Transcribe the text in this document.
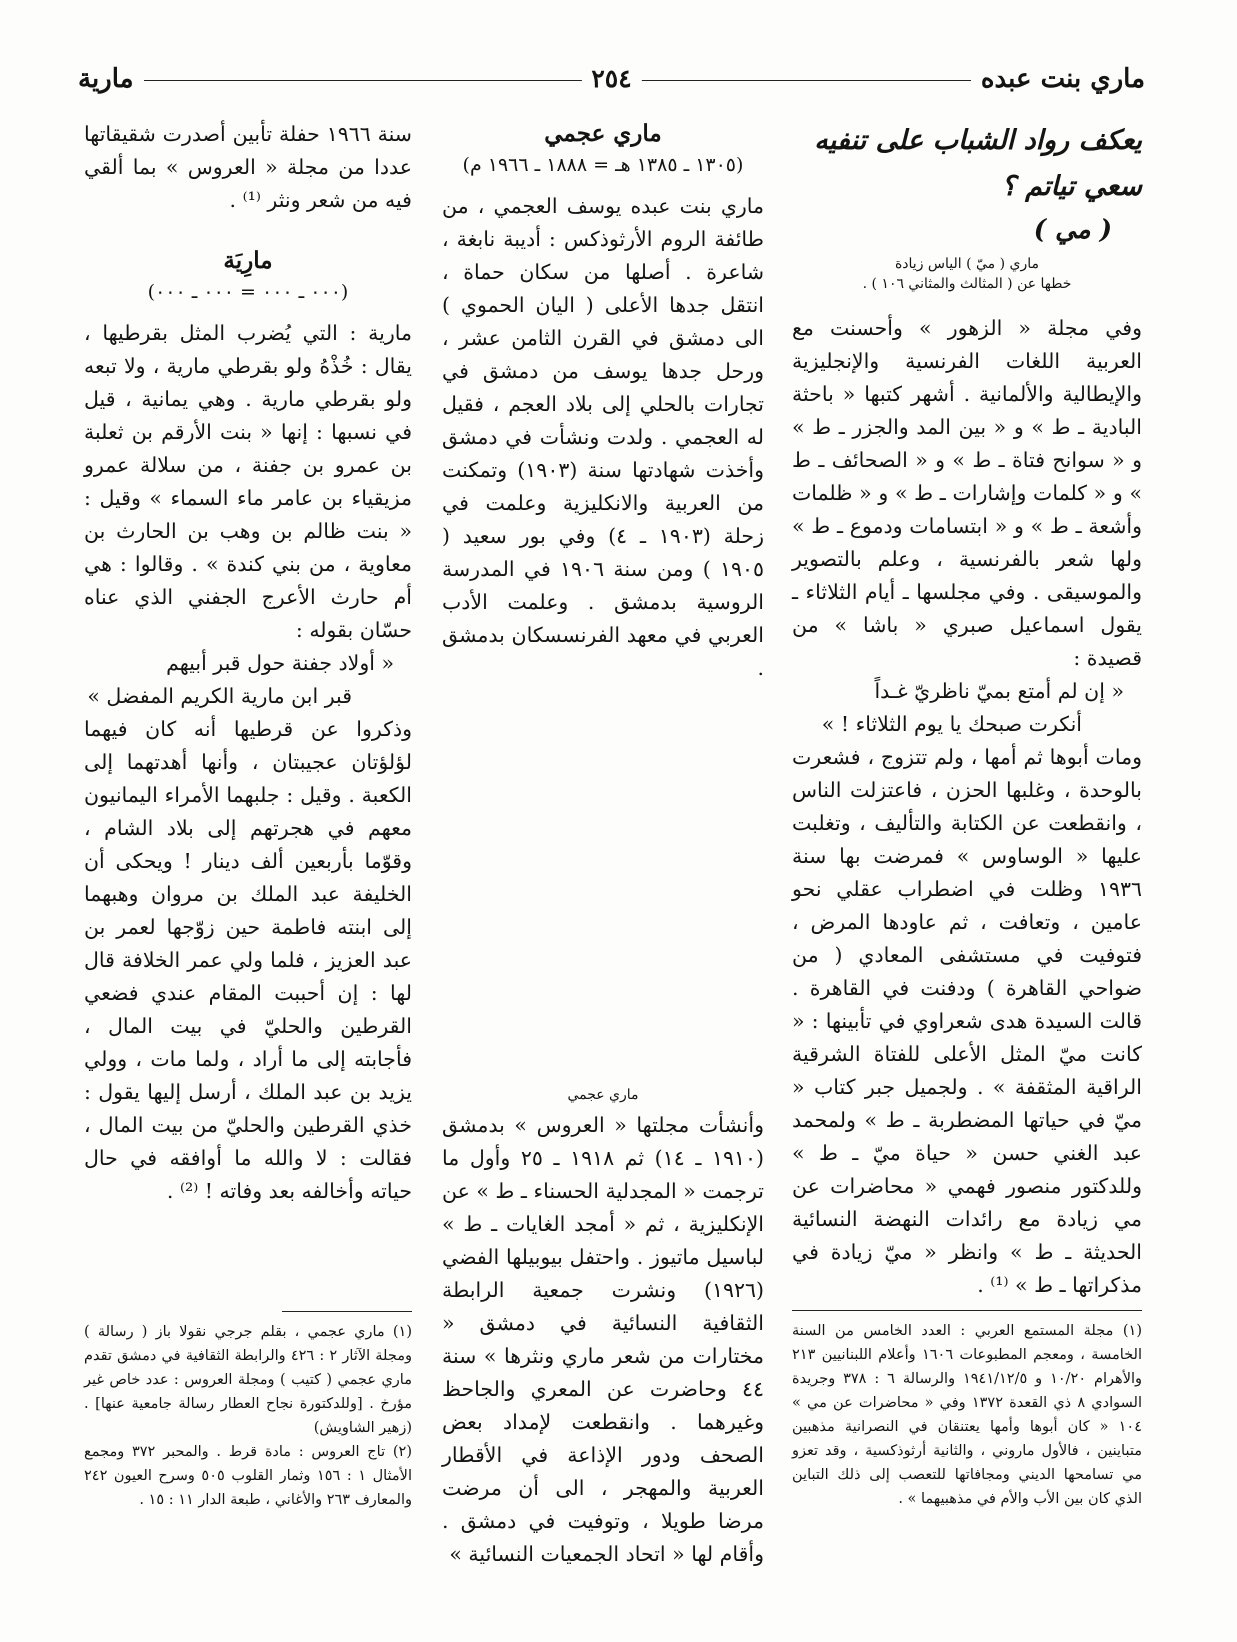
ماري بنت عبده
٢٥٤
مارية

يعكف رواد الشباب على تنفيه سعي تياتم ؟

( مي )

ماري ( ميّ ) الياس زيادة
خطها عن ( المثالث والمثاني ١٠٦ ) .

وفي مجلة « الزهور » وأحسنت مع العربية اللغات الفرنسية والإنجليزية والإيطالية والألمانية . أشهر كتبها « باحثة البادية ـ ط » و « بين المد والجزر ـ ط » و « سوانح فتاة ـ ط » و « الصحائف ـ ط » و « كلمات وإشارات ـ ط » و « ظلمات وأشعة ـ ط » و « ابتسامات ودموع ـ ط » ولها شعر بالفرنسية ، وعلم بالتصوير والموسيقى . وفي مجلسها ـ أيام الثلاثاء ـ يقول اسماعيل صبري « باشا » من قصيدة :

« إن لم أمتع بميّ ناظريّ غـداً

أنكرت صبحك يا يوم الثلاثاء ! »

ومات أبوها ثم أمها ، ولم تتزوج ، فشعرت بالوحدة ، وغلبها الحزن ، فاعتزلت الناس ، وانقطعت عن الكتابة والتأليف ، وتغلبت عليها « الوساوس » فمرضت بها سنة ١٩٣٦ وظلت في اضطراب عقلي نحو عامين ، وتعافت ، ثم عاودها المرض ، فتوفيت في مستشفى المعادي ( من ضواحي القاهرة ) ودفنت في القاهرة . قالت السيدة هدى شعراوي في تأبينها : « كانت ميّ المثل الأعلى للفتاة الشرقية الراقية المثقفة » . ولجميل جبر كتاب « ميّ في حياتها المضطربة ـ ط » ولمحمد عبد الغني حسن « حياة ميّ ـ ط » وللدكتور منصور فهمي « محاضرات عن مي زيادة مع رائدات النهضة النسائية الحديثة ـ ط » وانظر « ميّ زيادة في مذكراتها ـ ط » ⁽¹⁾ .

(١) مجلة المستمع العربي : العدد الخامس من السنة الخامسة ، ومعجم المطبوعات ١٦٠٦ وأعلام اللبنانيين ٢١٣ والأهرام ١٠/٢٠ و ١٩٤١/١٢/٥ والرسالة ٦ : ٣٧٨ وجريدة السوادي ٨ ذي القعدة ١٣٧٢ وفي « محاضرات عن مي » ١٠٤ « كان أبوها وأمها يعتنقان في النصرانية مذهبين متباينين ، فالأول ماروني ، والثانية أرثوذكسية ، وقد تعزو مي تسامحها الديني ومجافاتها للتعصب إلى ذلك التباين الذي كان بين الأب والأم في مذهبيهما » .

ماري عجمي

(١٣٠٥ ـ ١٣٨٥ هـ = ١٨٨٨ ـ ١٩٦٦ م)

ماري بنت عبده يوسف العجمي ، من طائفة الروم الأرثوذكس : أديبة نابغة ، شاعرة . أصلها من سكان حماة ، انتقل جدها الأعلى ( اليان الحموي ) الى دمشق في القرن الثامن عشر ، ورحل جدها يوسف من دمشق في تجارات بالحلي إلى بلاد العجم ، فقيل له العجمي . ولدت ونشأت في دمشق وأخذت شهادتها سنة (١٩٠٣) وتمكنت من العربية والانكليزية وعلمت في زحلة (١٩٠٣ ـ ٤) وفي بور سعيد ( ١٩٠٥ ) ومن سنة ١٩٠٦ في المدرسة الروسية بدمشق . وعلمت الأدب العربي في معهد الفرنسسكان بدمشق .

ماري عجمي

وأنشأت مجلتها « العروس » بدمشق (١٩١٠ ـ ١٤) ثم ١٩١٨ ـ ٢٥ وأول ما ترجمت « المجدلية الحسناء ـ ط » عن الإنكليزية ، ثم « أمجد الغايات ـ ط » لباسيل ماتيوز . واحتفل بيوبيلها الفضي (١٩٢٦) ونشرت جمعية الرابطة الثقافية النسائية في دمشق « مختارات من شعر ماري ونثرها » سنة ٤٤ وحاضرت عن المعري والجاحظ وغيرهما . وانقطعت لإمداد بعض الصحف ودور الإذاعة في الأقطار العربية والمهجر ، الى أن مرضت مرضا طويلا ، وتوفيت في دمشق . وأقام لها « اتحاد الجمعيات النسائية »

سنة ١٩٦٦ حفلة تأبين أصدرت شقيقاتها عددا من مجلة « العروس » بما ألقي فيه من شعر ونثر ⁽¹⁾ .

مارِيَة

(٠٠٠ ـ ٠٠٠ = ٠٠٠ ـ ٠٠٠)

مارية : التي يُضرب المثل بقرطيها ، يقال : خُذْهُ ولو بقرطي مارية ، ولا تبعه ولو بقرطي مارية . وهي يمانية ، قيل في نسبها : إنها « بنت الأرقم بن ثعلبة بن عمرو بن جفنة ، من سلالة عمرو مزيقياء بن عامر ماء السماء » وقيل : « بنت ظالم بن وهب بن الحارث بن معاوية ، من بني كندة » . وقالوا : هي أم حارث الأعرج الجفني الذي عناه حسّان بقوله :

« أولاد جفنة حول قبر أبيهم

قبر ابن مارية الكريم المفضل »

وذكروا عن قرطيها أنه كان فيهما لؤلؤتان عجيبتان ، وأنها أهدتهما إلى الكعبة . وقيل : جلبهما الأمراء اليمانيون معهم في هجرتهم إلى بلاد الشام ، وقوّما بأربعين ألف دينار ! ويحكى أن الخليفة عبد الملك بن مروان وهبهما إلى ابنته فاطمة حين زوّجها لعمر بن عبد العزيز ، فلما ولي عمر الخلافة قال لها : إن أحببت المقام عندي فضعي القرطين والحليّ في بيت المال ، فأجابته إلى ما أراد ، ولما مات ، وولي يزيد بن عبد الملك ، أرسل إليها يقول : خذي القرطين والحليّ من بيت المال ، فقالت : لا والله ما أوافقه في حال حياته وأخالفه بعد وفاته ! ⁽²⁾ .

(١) ماري عجمي ، بقلم جرجي نقولا باز ( رسالة ) ومجلة الآثار ٢ : ٤٢٦ والرابطة الثقافية في دمشق تقدم ماري عجمي ( كتيب ) ومجلة العروس : عدد خاص غير مؤرخ . [وللدكتورة نجاح العطار رسالة جامعية عنها] . (زهير الشاويش)

(٢) تاج العروس : مادة قرط . والمحبر ٣٧٢ ومجمع الأمثال ١ : ١٥٦ وثمار القلوب ٥٠٥ وسرح العيون ٢٤٢ والمعارف ٢٦٣ والأغاني ، طبعة الدار ١١ : ١٥ .
